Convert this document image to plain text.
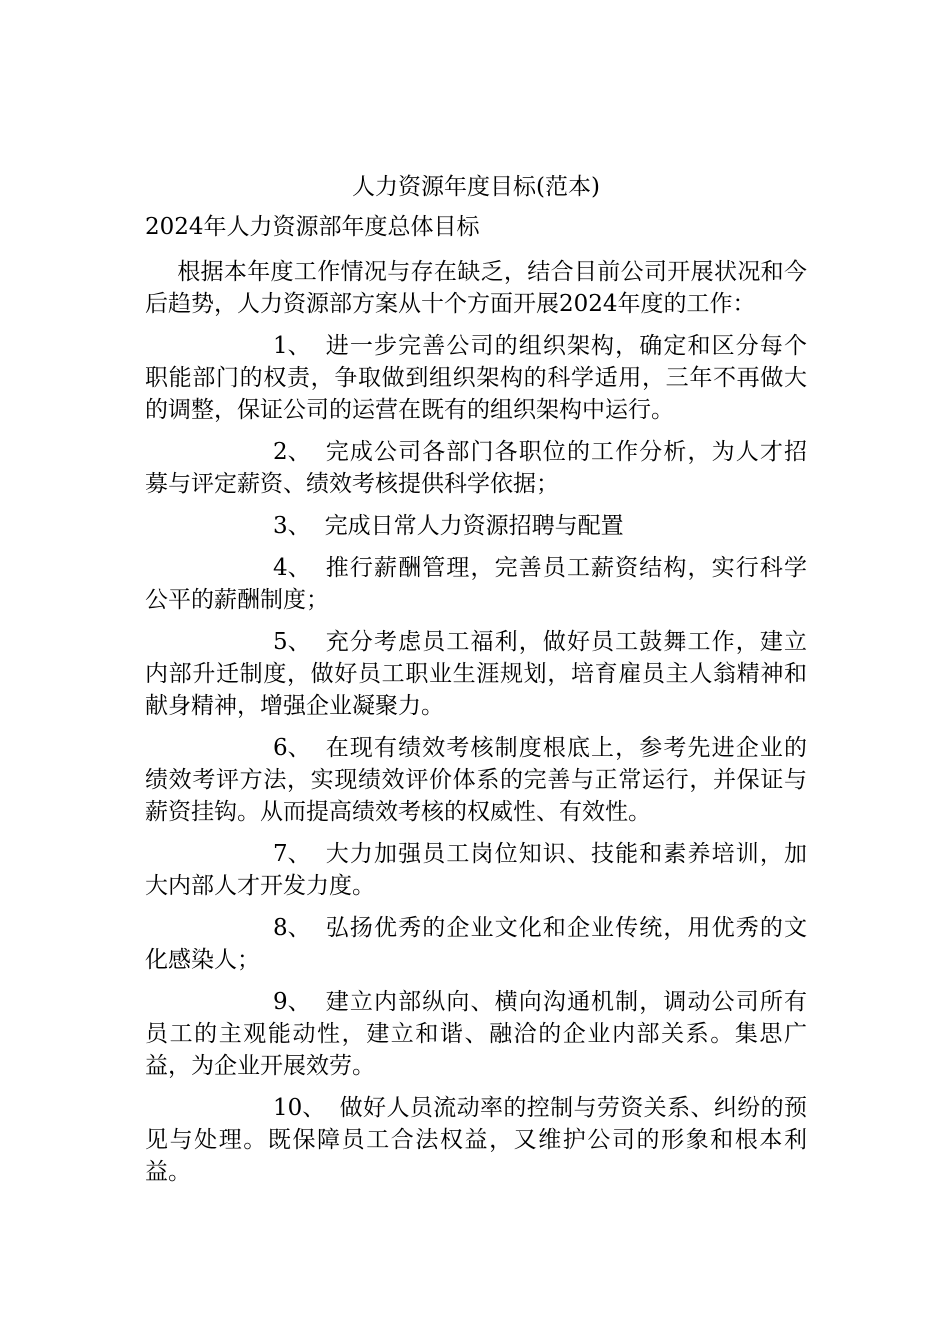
人力资源年度目标(范本)
2024年人力资源部年度总体目标

根据本年度工作情况与存在缺乏，结合目前公司开展状况和今后趋势，人力资源部方案从十个方面开展2024年度的工作：

1、 进一步完善公司的组织架构，确定和区分每个职能部门的权责，争取做到组织架构的科学适用，三年不再做大的调整，保证公司的运营在既有的组织架构中运行。

2、 完成公司各部门各职位的工作分析，为人才招募与评定薪资、绩效考核提供科学依据；

3、 完成日常人力资源招聘与配置

4、 推行薪酬管理，完善员工薪资结构，实行科学公平的薪酬制度；

5、 充分考虑员工福利，做好员工鼓舞工作，建立内部升迁制度，做好员工职业生涯规划，培育雇员主人翁精神和献身精神，增强企业凝聚力。

6、 在现有绩效考核制度根底上，参考先进企业的绩效考评方法，实现绩效评价体系的完善与正常运行，并保证与薪资挂钩。从而提高绩效考核的权威性、有效性。

7、 大力加强员工岗位知识、技能和素养培训，加大内部人才开发力度。

8、 弘扬优秀的企业文化和企业传统，用优秀的文化感染人；

9、 建立内部纵向、横向沟通机制，调动公司所有员工的主观能动性，建立和谐、融洽的企业内部关系。集思广益，为企业开展效劳。

10、 做好人员流动率的控制与劳资关系、纠纷的预见与处理。既保障员工合法权益，又维护公司的形象和根本利益。
